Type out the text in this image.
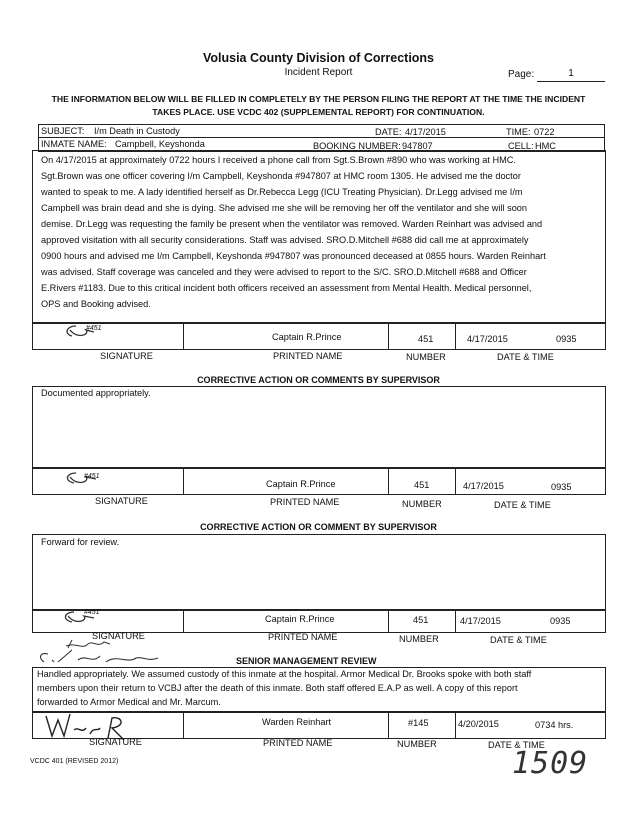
Volusia County Division of Corrections
Incident Report	Page:	1
THE INFORMATION BELOW WILL BE FILLED IN COMPLETELY BY THE PERSON FILING THE REPORT AT THE TIME THE INCIDENT
TAKES PLACE. USE VCDC 402 (SUPPLEMENTAL REPORT) FOR CONTINUATION.
SUBJECT: I/m Death in Custody	DATE: 4/17/2015	TIME: 0722
INMATE NAME: Campbell, Keyshonda	BOOKING NUMBER: 947807	CELL: HMC
On 4/17/2015 at approximately 0722 hours I received a phone call from Sgt.S.Brown #890 who was working at HMC.
Sgt.Brown was one officer covering I/m Campbell, Keyshonda #947807 at HMC room 1305. He advised me the doctor
wanted to speak to me. A lady identified herself as Dr.Rebecca Legg (ICU Treating Physician). Dr.Legg advised me I/m
Campbell was brain dead and she is dying. She advised me she will be removing her off the ventilator and she will soon
demise. Dr.Legg was requesting the family be present when the ventilator was removed. Warden Reinhart was advised and
approved visitation with all security considerations. Staff was advised. SRO.D.Mitchell #688 did call me at approximately
0900 hours and advised me I/m Campbell, Keyshonda #947807 was pronounced deceased at 0855 hours. Warden Reinhart
was advised. Staff coverage was canceled and they were advised to report to the S/C. SRO.D.Mitchell #688 and Officer
E.Rivers #1183. Due to this critical incident both officers received an assessment from Mental Health. Medical personnel,
OPS and Booking advised.
#451
Captain R.Prince	451	4/17/2015	0935
SIGNATURE	PRINTED NAME	NUMBER	DATE & TIME
CORRECTIVE ACTION OR COMMENTS BY SUPERVISOR
Documented appropriately.
#451
Captain R.Prince	451	4/17/2015	0935
SIGNATURE	PRINTED NAME	NUMBER	DATE & TIME
CORRECTIVE ACTION OR COMMENT BY SUPERVISOR
Forward for review.
#451
Captain R.Prince	451	4/17/2015	0935
SIGNATURE	PRINTED NAME	NUMBER	DATE & TIME
SENIOR MANAGEMENT REVIEW
Handled appropriately. We assumed custody of this inmate at the hospital. Armor Medical Dr. Brooks spoke with both staff
members upon their return to VCBJ after the death of this inmate. Both staff offered E.A.P as well. A copy of this report
forwarded to Armor Medical and Mr. Marcum.
Warden Reinhart	#145	4/20/2015	0734 hrs.
SIGNATURE	PRINTED NAME	NUMBER	DATE & TIME
VCDC 401 (REVISED 2012)	1509
